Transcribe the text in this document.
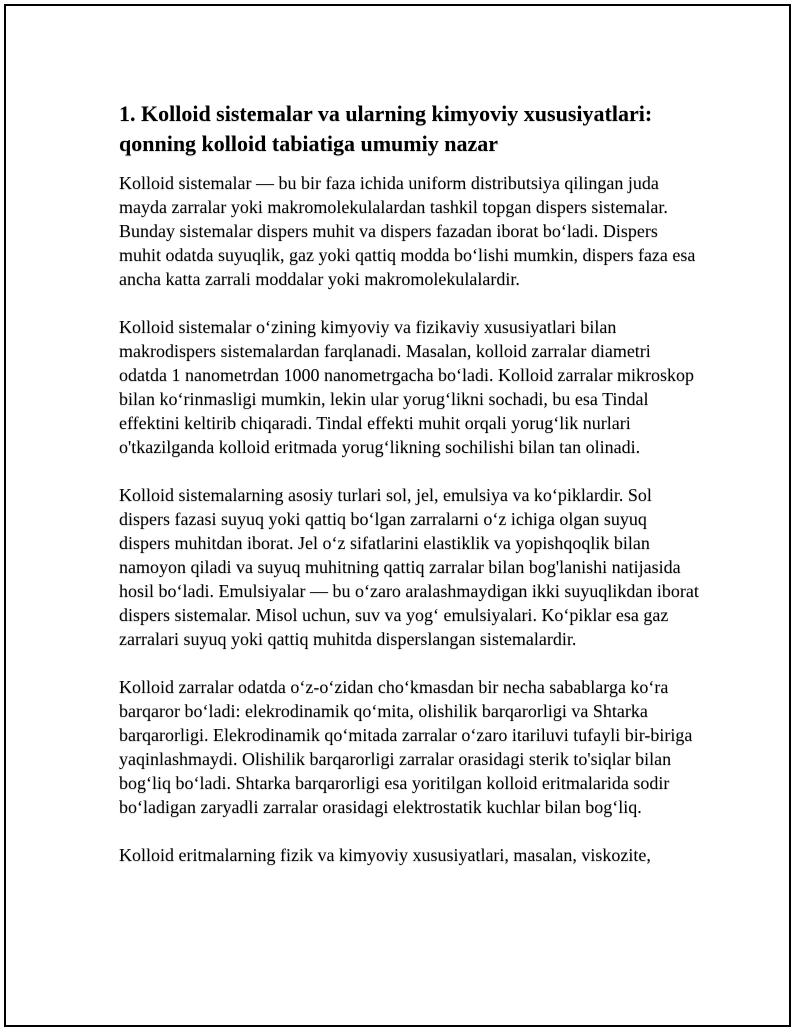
1. Kolloid sistemalar va ularning kimyoviy xususiyatlari:
qonning kolloid tabiatiga umumiy nazar

Kolloid sistemalar — bu bir faza ichida uniform distributsiya qilingan juda mayda zarralar yoki makromolekulalardan tashkil topgan dispers sistemalar. Bunday sistemalar dispers muhit va dispers fazadan iborat bo‘ladi. Dispers muhit odatda suyuqlik, gaz yoki qattiq modda bo‘lishi mumkin, dispers faza esa ancha katta zarrali moddalar yoki makromolekulalardir.

Kolloid sistemalar o‘zining kimyoviy va fizikaviy xususiyatlari bilan makrodispers sistemalardan farqlanadi. Masalan, kolloid zarralar diametri odatda 1 nanometrdan 1000 nanometrgacha bo‘ladi. Kolloid zarralar mikroskop bilan ko‘rinmasligi mumkin, lekin ular yorug‘likni sochadi, bu esa Tindal effektini keltirib chiqaradi. Tindal effekti muhit orqali yorug‘lik nurlari o'tkazilganda kolloid eritmada yorug‘likning sochilishi bilan tan olinadi.

Kolloid sistemalarning asosiy turlari sol, jel, emulsiya va ko‘piklardir. Sol dispers fazasi suyuq yoki qattiq bo‘lgan zarralarni o‘z ichiga olgan suyuq dispers muhitdan iborat. Jel o‘z sifatlarini elastiklik va yopishqoqlik bilan namoyon qiladi va suyuq muhitning qattiq zarralar bilan bog'lanishi natijasida hosil bo‘ladi. Emulsiyalar — bu o‘zaro aralashmaydigan ikki suyuqlikdan iborat dispers sistemalar. Misol uchun, suv va yog‘ emulsiyalari. Ko‘piklar esa gaz zarralari suyuq yoki qattiq muhitda disperslangan sistemalardir.

Kolloid zarralar odatda o‘z-o‘zidan cho‘kmasdan bir necha sabablarga ko‘ra barqaror bo‘ladi: elekrodinamik qo‘mita, olishilik barqarorligi va Shtarka barqarorligi. Elekrodinamik qo‘mitada zarralar o‘zaro itariluvi tufayli bir-biriga yaqinlashmaydi. Olishilik barqarorligi zarralar orasidagi sterik to'siqlar bilan bog‘liq bo‘ladi. Shtarka barqarorligi esa yoritilgan kolloid eritmalarida sodir bo‘ladigan zaryadli zarralar orasidagi elektrostatik kuchlar bilan bog‘liq.

Kolloid eritmalarning fizik va kimyoviy xususiyatlari, masalan, viskozite,
